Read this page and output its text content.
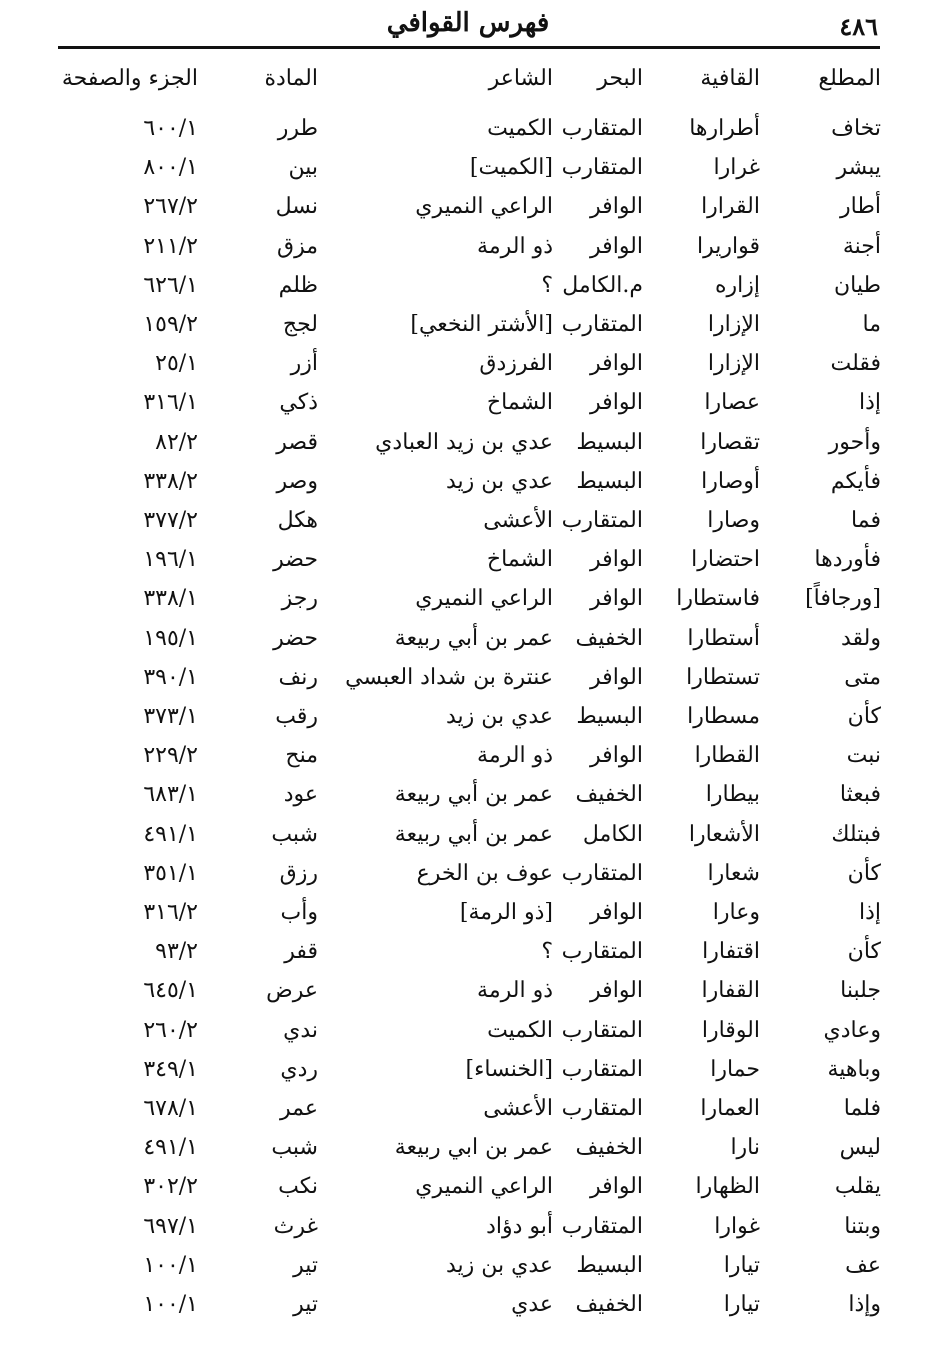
٤٨٦
فهرس القوافي
المطلع
القافية
البحر
الشاعر
المادة
الجزء والصفحة
تخاف
أطرارها
المتقارب
الكميت
طرر
٦٠٠/١
يبشر
غرارا
المتقارب
[الكميت]
بين
٨٠٠/١
أطار
القرارا
الوافر
الراعي النميري
نسل
٢٦٧/٢
أجنة
قواريرا
الوافر
ذو الرمة
مزق
٢١١/٢
طيان
إزاره
م.الكامل
؟
ظلم
٦٢٦/١
ما
الإزارا
المتقارب
[الأشتر النخعي]
لجج
١٥٩/٢
فقلت
الإزارا
الوافر
الفرزدق
أزر
٢٥/١
إذا
عصارا
الوافر
الشماخ
ذكي
٣١٦/١
وأحور
تقصارا
البسيط
عدي بن زيد العبادي
قصر
٨٢/٢
فأيكم
أوصارا
البسيط
عدي بن زيد
وصر
٣٣٨/٢
فما
وصارا
المتقارب
الأعشى
هكل
٣٧٧/٢
فأوردها
احتضارا
الوافر
الشماخ
حضر
١٩٦/١
[ورجافاً]
فاستطارا
الوافر
الراعي النميري
رجز
٣٣٨/١
ولقد
أستطارا
الخفيف
عمر بن أبي ربيعة
حضر
١٩٥/١
متى
تستطارا
الوافر
عنترة بن شداد العبسي
رنف
٣٩٠/١
كأن
مسطارا
البسيط
عدي بن زيد
رقب
٣٧٣/١
نبت
القطارا
الوافر
ذو الرمة
منح
٢٢٩/٢
فبعثا
بيطارا
الخفيف
عمر بن أبي ربيعة
عود
٦٨٣/١
فبتلك
الأشعارا
الكامل
عمر بن أبي ربيعة
شبب
٤٩١/١
كأن
شعارا
المتقارب
عوف بن الخرع
رزق
٣٥١/١
إذا
وعارا
الوافر
[ذو الرمة]
وأب
٣١٦/٢
كأن
اقتفارا
المتقارب
؟
قفر
٩٣/٢
جلبنا
القفارا
الوافر
ذو الرمة
عرض
٦٤٥/١
وعادي
الوقارا
المتقارب
الكميت
ندي
٢٦٠/٢
وباهية
حمارا
المتقارب
[الخنساء]
ردي
٣٤٩/١
فلما
العمارا
المتقارب
الأعشى
عمر
٦٧٨/١
ليس
نارا
الخفيف
عمر بن ابي ربيعة
شبب
٤٩١/١
يقلب
الظهارا
الوافر
الراعي النميري
نكب
٣٠٢/٢
وبتنا
غوارا
المتقارب
أبو دؤاد
غرث
٦٩٧/١
عف
تيارا
البسيط
عدي بن زيد
تير
١٠٠/١
وإذا
تيارا
الخفيف
عدي
تير
١٠٠/١
